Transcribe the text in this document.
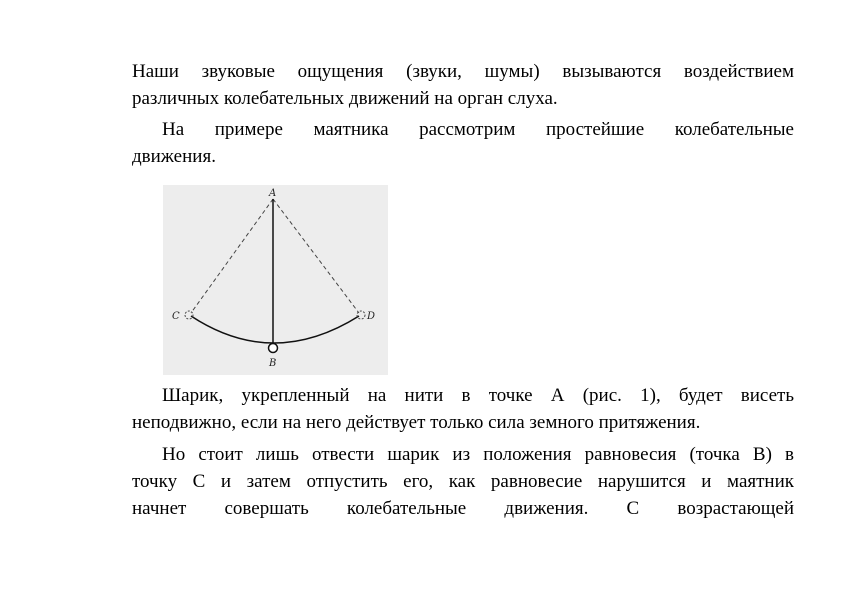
Наши звуковые ощущения (звуки, шумы) вызываются воздействием
различных колебательных движений на орган слуха.
На примере маятника рассмотрим простейшие колебательные
движения.
A
B
C	D
Шарик, укрепленный на нити в точке А (рис. 1), будет висеть
неподвижно, если на него действует только сила земного притяжения.
Но стоит лишь отвести шарик из положения равновесия (точка В) в
точку С и затем отпустить его, как равновесие нарушится и маятник
начнет совершать колебательные движения. С возрастающей
